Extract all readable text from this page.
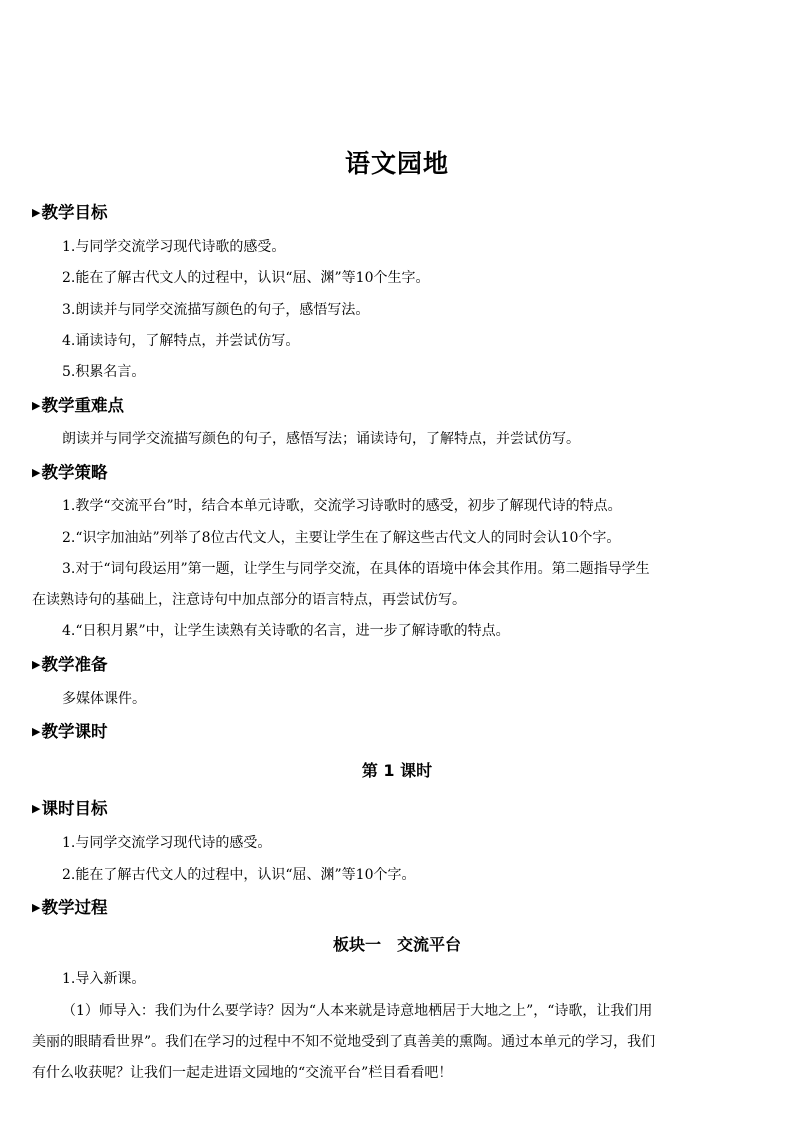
语文园地
▶教学目标
1.与同学交流学习现代诗歌的感受。
2.能在了解古代文人的过程中，认识“屈、渊”等10个生字。
3.朗读并与同学交流描写颜色的句子，感悟写法。
4.诵读诗句，了解特点，并尝试仿写。
5.积累名言。
▶教学重难点
朗读并与同学交流描写颜色的句子，感悟写法；诵读诗句，了解特点，并尝试仿写。
▶教学策略
1.教学“交流平台”时，结合本单元诗歌，交流学习诗歌时的感受，初步了解现代诗的特点。
2.“识字加油站”列举了8位古代文人，主要让学生在了解这些古代文人的同时会认10个字。
3.对于“词句段运用”第一题，让学生与同学交流，在具体的语境中体会其作用。第二题指导学生
在读熟诗句的基础上，注意诗句中加点部分的语言特点，再尝试仿写。
4.“日积月累”中，让学生读熟有关诗歌的名言，进一步了解诗歌的特点。
▶教学准备
多媒体课件。
▶教学课时
第 1 课时
▶课时目标
1.与同学交流学习现代诗的感受。
2.能在了解古代文人的过程中，认识“屈、渊”等10个字。
▶教学过程
板块一　交流平台
1.导入新课。
（1）师导入：我们为什么要学诗？因为“人本来就是诗意地栖居于大地之上”，“诗歌，让我们用
美丽的眼睛看世界”。我们在学习的过程中不知不觉地受到了真善美的熏陶。通过本单元的学习，我们
有什么收获呢？让我们一起走进语文园地的“交流平台”栏目看看吧！
